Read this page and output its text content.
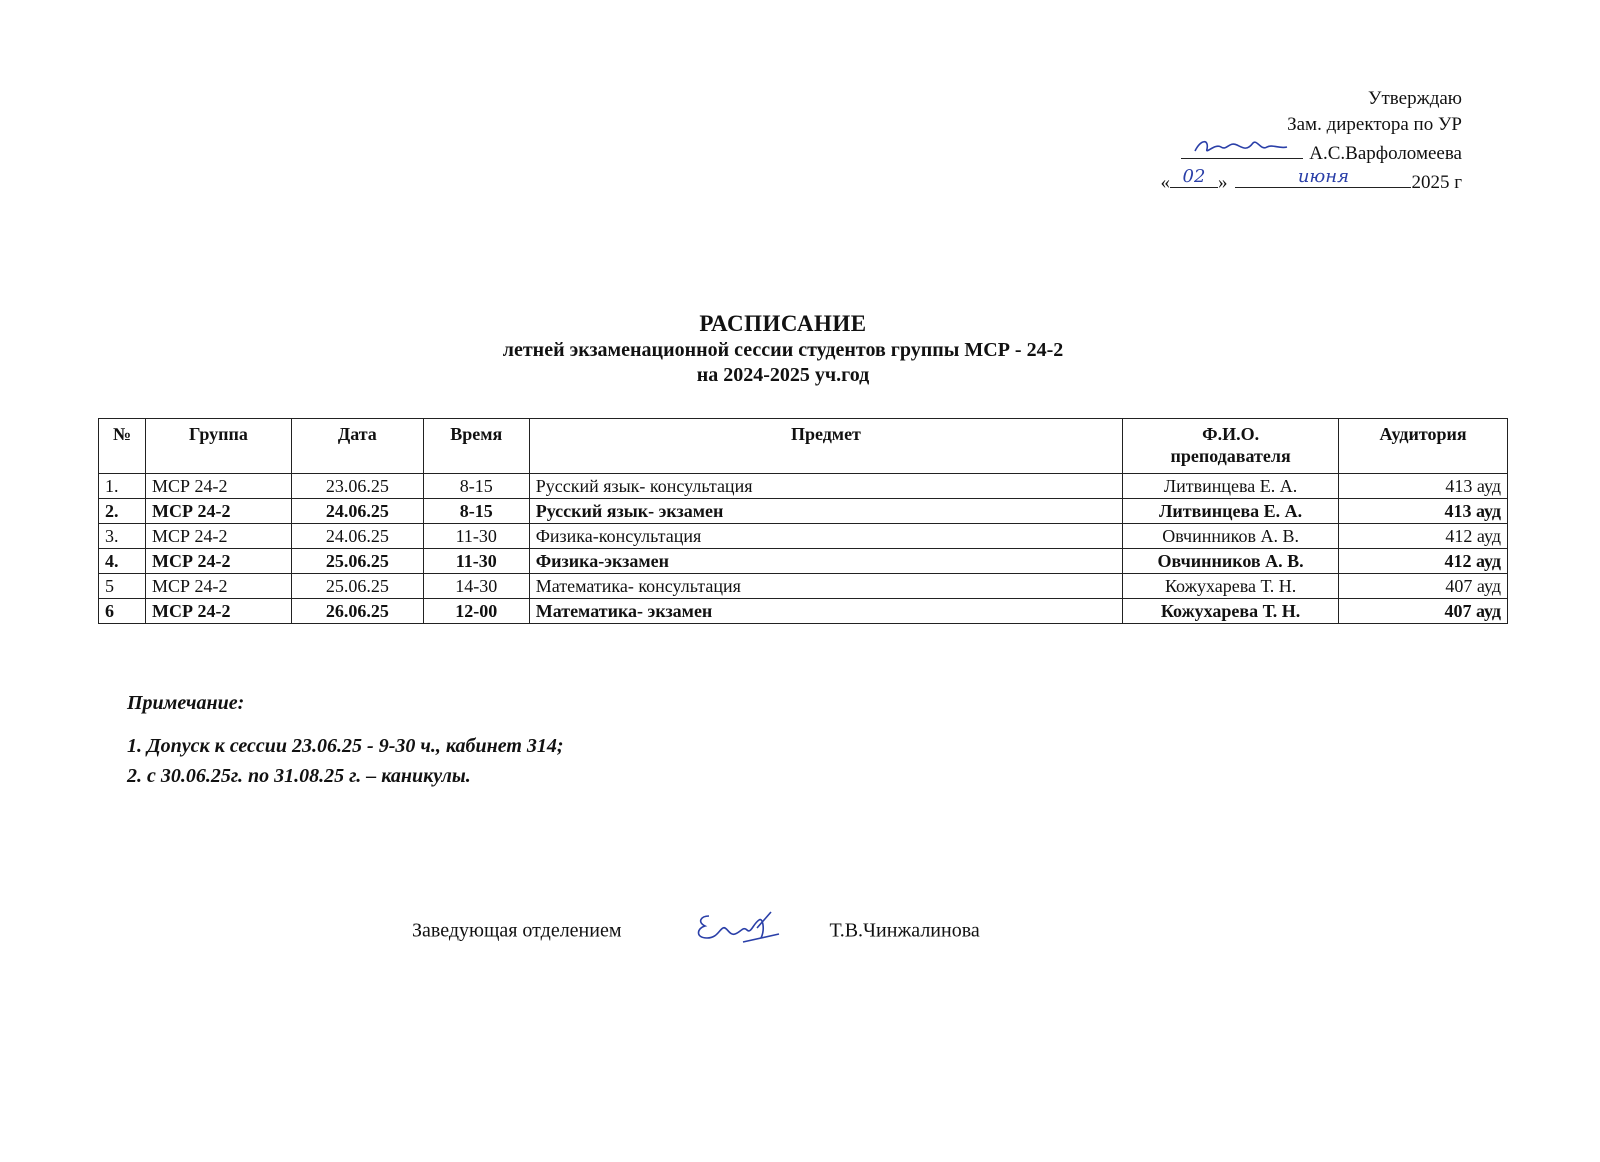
Утверждаю
Зам. директора по УР
А.С.Варфоломеева
« 02 »	июня	2025 г
РАСПИСАНИЕ
летней экзаменационной сессии студентов группы МСР - 24-2
на 2024-2025 уч.год
№	Группа	Дата	Время	Предмет	Ф.И.О. преподавателя	Аудитория
1.	МСР 24-2	23.06.25	8-15	Русский язык- консультация	Литвинцева Е. А.	413 ауд
2.	МСР 24-2	24.06.25	8-15	Русский язык- экзамен	Литвинцева Е. А.	413 ауд
3.	МСР 24-2	24.06.25	11-30	Физика-консультация	Овчинников А. В.	412 ауд
4.	МСР 24-2	25.06.25	11-30	Физика-экзамен	Овчинников А. В.	412 ауд
5	МСР 24-2	25.06.25	14-30	Математика- консультация	Кожухарева Т. Н.	407 ауд
6	МСР 24-2	26.06.25	12-00	Математика- экзамен	Кожухарева Т. Н.	407 ауд
Примечание:
1. Допуск к сессии 23.06.25 - 9-30 ч., кабинет 314;
2. с 30.06.25г. по 31.08.25 г. – каникулы.
Заведующая отделением	Т.В.Чинжалинова
